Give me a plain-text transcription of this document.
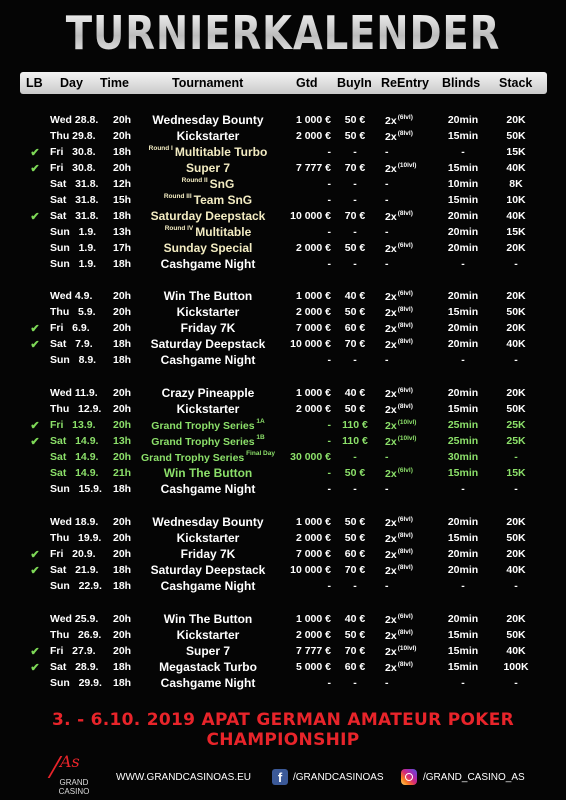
TURNIERKALENDER
LB Day Time	Tournament	Gtd BuyIn ReEntry Blinds Stack
Wed 28.8.	20h	Wednesday Bounty	1 000 €	50 €	$2x^{(6lvl)}$	20min	20K
Thu 29.8.	20h	Kickstarter	2 000 €	50 €	$2x^{(8lvl)}$	15min	50K
✔ Fri   30.8.	18h	$^{Round I}$ Multitable Turbo	-	-	-	-	15K
✔ Fri   30.8.	20h	Super 7	7 777 €	70 €	$2x^{(10lvl)}$	15min	40K
Sat   31.8.	12h	$^{Round II}$ SnG	-	-	-	10min	8K
Sat   31.8.	15h	$^{Round III}$ Team SnG	-	-	-	15min	10K
✔ Sat   31.8.	18h	Saturday Deepstack	10 000 €	70 €	$2x^{(8lvl)}$	20min	40K
Sun   1.9.	13h	$^{Round IV}$ Multitable	-	-	-	20min	15K
Sun   1.9.	17h	Sunday Special	2 000 €	50 €	$2x^{(6lvl)}$	20min	20K
Sun   1.9.	18h	Cashgame Night	-	-	-	-	-
Wed 4.9.	20h	Win The Button	1 000 €	40 €	$2x^{(6lvl)}$	20min	20K
Thu   5.9.	20h	Kickstarter	2 000 €	50 €	$2x^{(8lvl)}$	15min	50K
✔ Fri   6.9.	20h	Friday 7K	7 000 €	60 €	$2x^{(8lvl)}$	20min	20K
✔ Sat   7.9.	18h	Saturday Deepstack	10 000 €	70 €	$2x^{(8lvl)}$	20min	40K
Sun   8.9.	18h	Cashgame Night	-	-	-	-	-
Wed 11.9.	20h	Crazy Pineapple	1 000 €	40 €	$2x^{(6lvl)}$	20min	20K
Thu   12.9.	20h	Kickstarter	2 000 €	50 €	$2x^{(8lvl)}$	15min	50K
✔ Fri   13.9.	20h	Grand Trophy Series $^{1A}$	-	110 €	$2x^{(10lvl)}$	25min	25K
✔ Sat   14.9.	13h	Grand Trophy Series $^{1B}$	-	110 €	$2x^{(10lvl)}$	25min	25K
Sat   14.9.	20h Grand Trophy Series $^{Final Day}$	30 000 €	-	-	30min	-
Sat   14.9.	21h	Win The Button	-	50 €	$2x^{(6lvl)}$	15min	15K
Sun   15.9.	18h	Cashgame Night	-	-	-	-	-
Wed 18.9.	20h	Wednesday Bounty	1 000 €	50 €	$2x^{(6lvl)}$	20min	20K
Thu   19.9.	20h	Kickstarter	2 000 €	50 €	$2x^{(8lvl)}$	15min	50K
✔ Fri   20.9.	20h	Friday 7K	7 000 €	60 €	$2x^{(8lvl)}$	20min	20K
✔ Sat   21.9.	18h	Saturday Deepstack	10 000 €	70 €	$2x^{(8lvl)}$	20min	40K
Sun   22.9.	18h	Cashgame Night	-	-	-	-	-
Wed 25.9.	20h	Win The Button	1 000 €	40 €	$2x^{(6lvl)}$	20min	20K
Thu   26.9.	20h	Kickstarter	2 000 €	50 €	$2x^{(8lvl)}$	15min	50K
✔ Fri   27.9.	20h	Super 7	7 777 €	70 €	$2x^{(10lvl)}$	15min	40K
✔ Sat   28.9.	18h	Megastack Turbo	5 000 €	60 €	$2x^{(8lvl)}$	15min	100K
Sun   29.9.	18h	Cashgame Night	-	-	-	-	-
3. - 6.10. 2019 APAT GERMAN AMATEUR POKER CHAMPIONSHIP
As
GRAND CASINO
WWW.GRANDCASINOAS.EU	f	/GRANDCASINOAS	/GRAND_CASINO_AS
